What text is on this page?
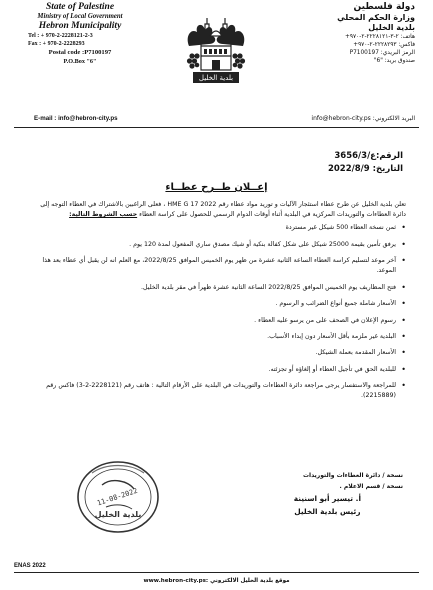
State of Palestine
Ministry of Local Government
Hebron Municipality
Tel : + 970-2-2228121-2-3
Fax : + 970-2-2228293
Postal code :P7100197
P.O.Box "6"
E-mail : info@hebron-city.ps
بلدية الخليل
دولة فلسطين
وزارة الحكم المحلي
بلدية الخليل
هاتف: ٢-٣-٢٢٢٨١٢١-٢-٩٧٠+
فاكس: ٢٢٢٨٢٩٣-٢-٩٧٠+
الرمز البريدي: P7100197
صندوق بريد: "6"
البريد الالكتروني: info@hebron-city.ps
الرقم:ع/3656/3
التاريخ: 2022/8/9
إعــلان طــرح عطــاء

تعلن بلدية الخليل عن طرح عطاء استئجار الآليات و توريد مواد عطاء رقم HME G 17 2022 ، فعلى الراغبين بالاشتراك في العطاء التوجه إلى دائرة العطاءات والتوريدات المركزية في البلدية أثناء أوقات الدوام الرسمي للحصول على كراسة العطاء حسب الشروط التالية:

• ثمن نسخة العطاء 500 شيكل غير مستردة
• يرفق تأمين بقيمة 25000 شيكل على شكل كفالة بنكية أو شيك مصدق ساري المفعول لمدة 120 يوم .
• آخر موعد لتسليم كراسة العطاء الساعة الثانية عشرة من ظهر يوم الخميس الموافق 2022/8/25، مع العلم انه لن يقبل أي عطاء بعد هذا الموعد.
• فتح المظاريف يوم الخميس الموافق 2022/8/25 الساعة الثانية عشرة ظهراً في مقر بلدية الخليل.
• الأسعار شاملة جميع أنواع الضرائب و الرسوم .
• رسوم الإعلان في الصحف على من يرسو عليه العطاء .
• البلدية غير ملزمة بأقل الأسعار دون إبداء الأسباب.
• الأسعار المقدمة بعملة الشيكل.
• للبلدية الحق في تأجيل العطاء أو إلغاؤه أو تجزئته.
• للمراجعة والاستفسار يرجى مراجعة دائرة العطاءات والتوريدات في البلدية على الأرقام التالية : هاتف رقم (2228121-2-3) فاكس رقم (2215889).
أ. تيسير أبو اسنينة
رئيس بلدية الخليل
نسخة / دائرة العطاءات والتوريدات
نسخة / قسم الاعلام .
11-08-2022
بلدية الخليل
ENAS 2022
www.hebron-city.ps: موقع بلدية الخليل الالكتروني
